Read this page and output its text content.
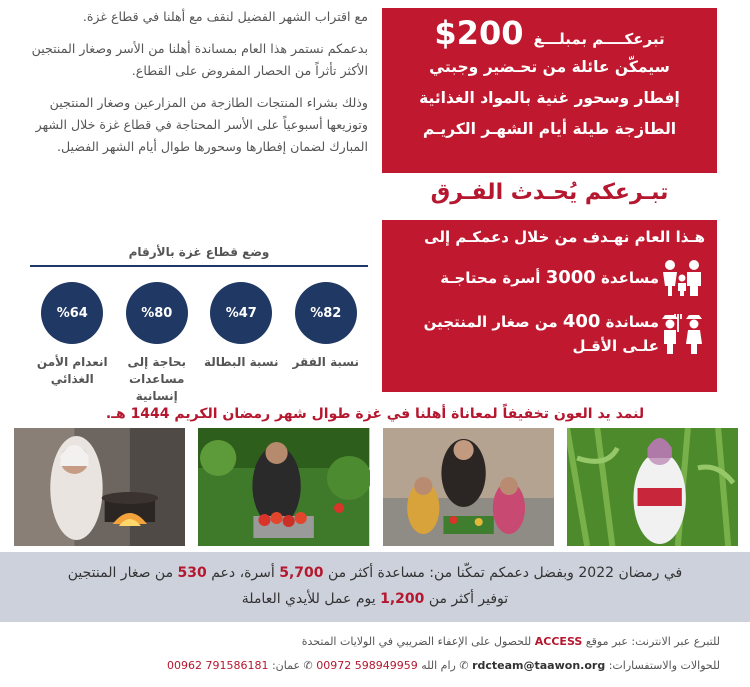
تبرعكــــم بمبلـــغ
$200

سيمكّن عائلة من تحـضير وجبتي

إفطار وسحور غنية بالمواد الغذائية

الطازجة طيلة أيام الشهـر الكريـم

تبـرعكم يُحـدث الفـرق
هـذا العام نهـدف من خلال دعمكـم إلى
مساعدة 3000 أسرة محتاجـة
مساندة 400 من صغار المنتجين
علـى الأقـل

مع اقتراب الشهر الفضيل لنقف مع أهلنا في قطاع غزة.

بدعمكم نستمر هذا العام بمساندة أهلنا من الأسر وصغار المنتجين الأكثر تأثراً من الحصار المفروض على القطاع.

وذلك بشراء المنتجات الطازجة من المزارعين وصغار المنتجين وتوزيعها أسبوعياً على الأسر المحتاجة في قطاع غزة خلال الشهر المبارك لضمان إفطارها وسحورها طوال أيام الشهر الفضيل.

وضع قطاع غزة بالأرقام
%82
نسبة الفقر
%47
نسبة البطالة
%80
بحاجة إلى مساعدات إنسانية
%64
انعدام الأمن الغذائي
لنمد يد العون تخفيفاً لمعاناة أهلنا في غزة طوال شهر رمضان الكريم 1444 هـ.
في رمضان 2022 وبفضل دعمكم تمكّنا من: مساعدة أكثر من 5,700 أسرة، دعم 530 من صغار المنتجين
توفير أكثر من 1,200 يوم عمل للأيدي العاملة
للتبرع عبر الانترنت: عبر موقع ACCESS للحصول على الإعفاء الضريبي في الولايات المتحدة
للحوالات والاستفسارات: rdcteam@taawon.org ✆ رام الله 00972 598949959 ✆ عمان: 00962 791586181
